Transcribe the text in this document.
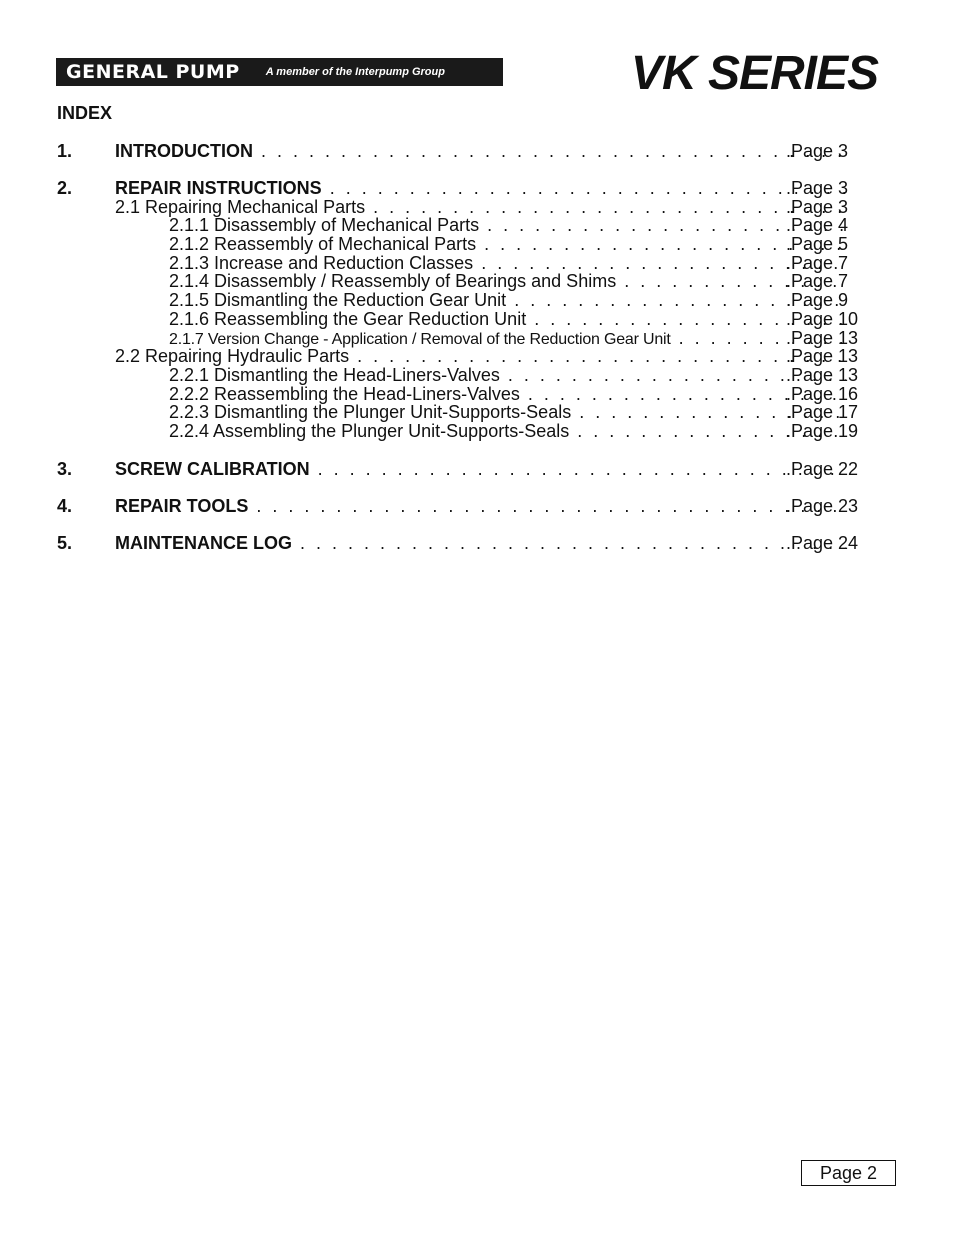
GENERAL PUMP A member of the Interpump Group	VK SERIES
INDEX
1. INTRODUCTION . . .	.Page 3
2. REPAIR INSTRUCTIONS . . .	.Page 3
2.1 Repairing Mechanical Parts . . .	.Page 3
2.1.1 Disassembly of Mechanical Parts . . .	.Page 4
2.1.2 Reassembly of Mechanical Parts . . .	.Page 5
2.1.3 Increase and Reduction Classes . . .	.Page 7
2.1.4 Disassembly / Reassembly of Bearings and Shims . . .	.Page 7
2.1.5 Dismantling the Reduction Gear Unit . . .	.Page 9
2.1.6 Reassembling the Gear Reduction Unit . . .	.Page 10
2.1.7 Version Change - Application / Removal of the Reduction Gear Unit . . .	.Page 13
2.2 Repairing Hydraulic Parts . . .	.Page 13
2.2.1 Dismantling the Head-Liners-Valves . . .	.Page 13
2.2.2 Reassembling the Head-Liners-Valves . . .	.Page 16
2.2.3 Dismantling the Plunger Unit-Supports-Seals . . .	.Page 17
2.2.4 Assembling the Plunger Unit-Supports-Seals . . .	.Page 19
3. SCREW CALIBRATION . . .	.Page 22
4. REPAIR TOOLS . . .	.Page 23
5. MAINTENANCE LOG . . .	.Page 24
Page 2
